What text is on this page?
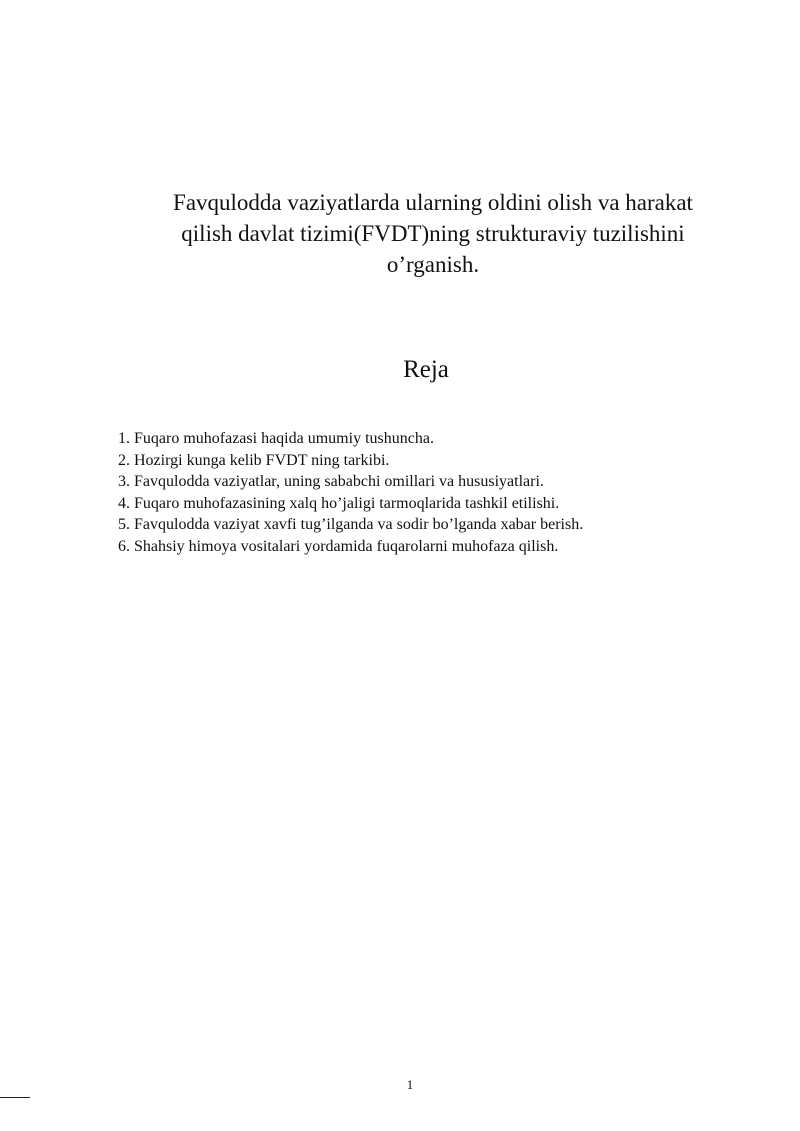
Favqulodda vaziyatlarda ularning oldini olish va harakat
qilish davlat tizimi(FVDT)ning strukturaviy tuzilishini
o’rganish.
Reja
1. Fuqaro muhofazasi haqida umumiy tushuncha.
2. Hozirgi kunga kelib FVDT ning tarkibi.
3. Favqulodda vaziyatlar, uning sababchi omillari va hususiyatlari.
4. Fuqaro muhofazasining xalq ho’jaligi tarmoqlarida tashkil etilishi.
5. Favqulodda vaziyat xavfi tug’ilganda va sodir bo’lganda xabar berish.
6. Shahsiy himoya vositalari yordamida fuqarolarni muhofaza qilish.
1
